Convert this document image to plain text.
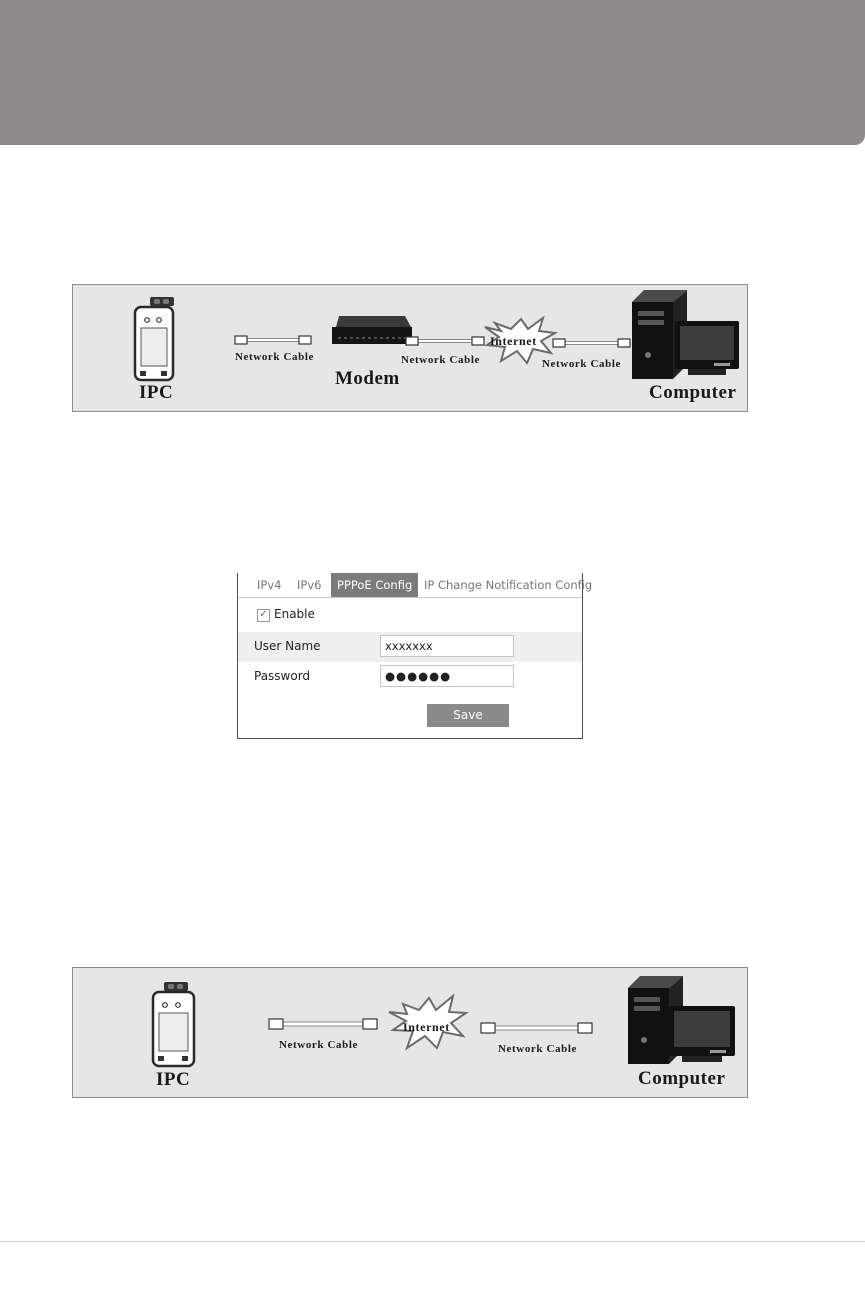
IPC
Modem
Computer
Network Cable	Network Cable	Network Cable
Internet
IPv4 IPv6	PPPoE Config	IP Change Notification Config
✓ Enable
User Name	xxxxxxx
Password	●●●●●●
Save
IPC	Computer
Network Cable	Network Cable
Internet
